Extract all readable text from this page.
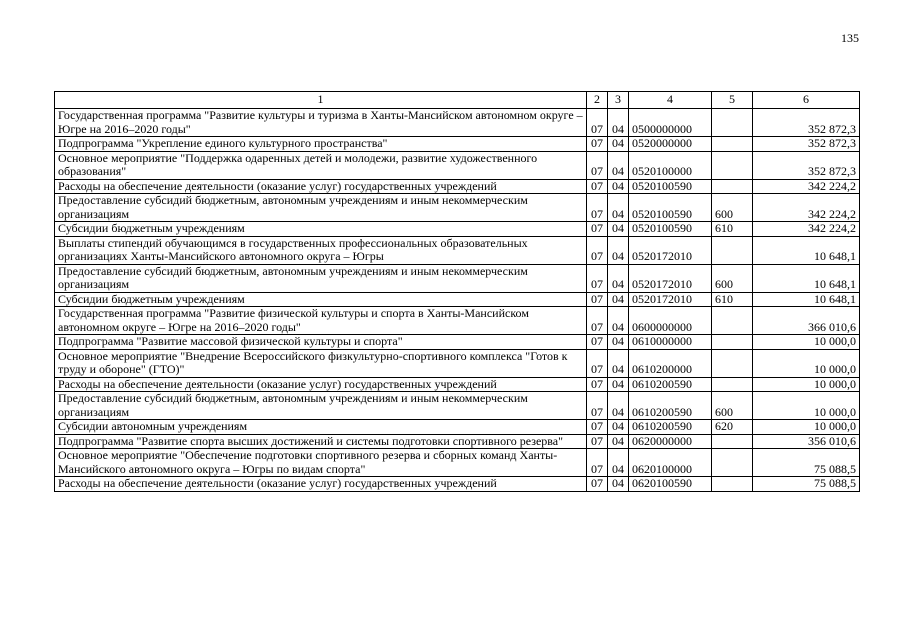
135
1	2	3	4	5	6
Государственная программа "Развитие культуры и туризма в Ханты-Мансийском автономном округе – Югре на 2016–2020 годы"	07	04	0500000000		352 872,3
Подпрограмма "Укрепление единого культурного пространства"	07	04	0520000000		352 872,3
Основное мероприятие "Поддержка одаренных детей и молодежи, развитие художественного образования"	07	04	0520100000		352 872,3
Расходы на обеспечение деятельности (оказание услуг) государственных учреждений	07	04	0520100590		342 224,2
Предоставление субсидий бюджетным, автономным учреждениям и иным некоммерческим организациям	07	04	0520100590	600	342 224,2
Субсидии бюджетным учреждениям	07	04	0520100590	610	342 224,2
Выплаты стипендий обучающимся в государственных профессиональных образовательных организациях Ханты-Мансийского автономного округа – Югры	07	04	0520172010		10 648,1
Предоставление субсидий бюджетным, автономным учреждениям и иным некоммерческим организациям	07	04	0520172010	600	10 648,1
Субсидии бюджетным учреждениям	07	04	0520172010	610	10 648,1
Государственная программа "Развитие физической культуры и спорта в Ханты-Мансийском автономном округе – Югре на 2016–2020 годы"	07	04	0600000000		366 010,6
Подпрограмма "Развитие массовой физической культуры и спорта"	07	04	0610000000		10 000,0
Основное мероприятие "Внедрение Всероссийского физкультурно-спортивного комплекса "Готов к труду и обороне" (ГТО)"	07	04	0610200000		10 000,0
Расходы на обеспечение деятельности (оказание услуг) государственных учреждений	07	04	0610200590		10 000,0
Предоставление субсидий бюджетным, автономным учреждениям и иным некоммерческим организациям	07	04	0610200590	600	10 000,0
Субсидии автономным учреждениям	07	04	0610200590	620	10 000,0
Подпрограмма "Развитие спорта высших достижений и системы подготовки спортивного резерва"	07	04	0620000000		356 010,6
Основное мероприятие "Обеспечение подготовки спортивного резерва и сборных команд Ханты-Мансийского автономного округа – Югры по видам спорта"	07	04	0620100000		75 088,5
Расходы на обеспечение деятельности (оказание услуг) государственных учреждений	07	04	0620100590		75 088,5
